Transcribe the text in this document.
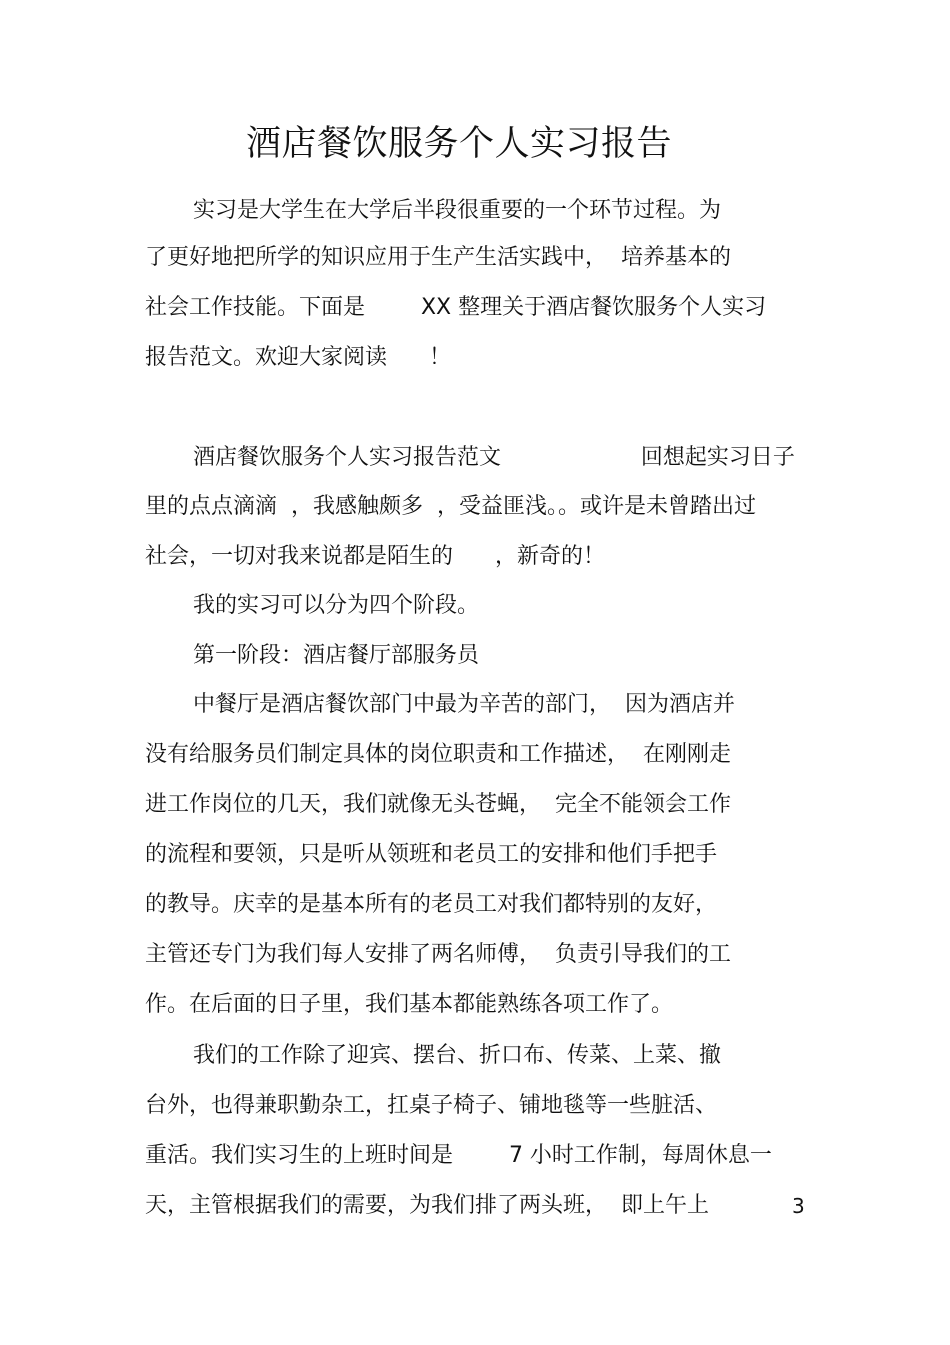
酒店餐饮服务个人实习报告
实习是大学生在大学后半段很重要的一个环节过程。为
了更好地把所学的知识应用于生产生活实践中，  培养基本的
社会工作技能。下面是        XX 整理关于酒店餐饮服务个人实习
报告范文。欢迎大家阅读      ！
酒店餐饮服务个人实习报告范文                    回想起实习日子
里的点点滴滴  ，我感触颇多  ，受益匪浅。。或许是未曾踏出过
社会，一切对我来说都是陌生的      ，新奇的！
我的实习可以分为四个阶段。
第一阶段：酒店餐厅部服务员
中餐厅是酒店餐饮部门中最为辛苦的部门，  因为酒店并
没有给服务员们制定具体的岗位职责和工作描述，  在刚刚走
进工作岗位的几天，我们就像无头苍蝇，  完全不能领会工作
的流程和要领，只是听从领班和老员工的安排和他们手把手
的教导。庆幸的是基本所有的老员工对我们都特别的友好，
主管还专门为我们每人安排了两名师傅，  负责引导我们的工
作。在后面的日子里，我们基本都能熟练各项工作了。
我们的工作除了迎宾、摆台、折口布、传菜、上菜、撤
台外，也得兼职勤杂工，扛桌子椅子、铺地毯等一些脏活、
重活。我们实习生的上班时间是        7 小时工作制，每周休息一
天，主管根据我们的需要，为我们排了两头班，  即上午上	3
